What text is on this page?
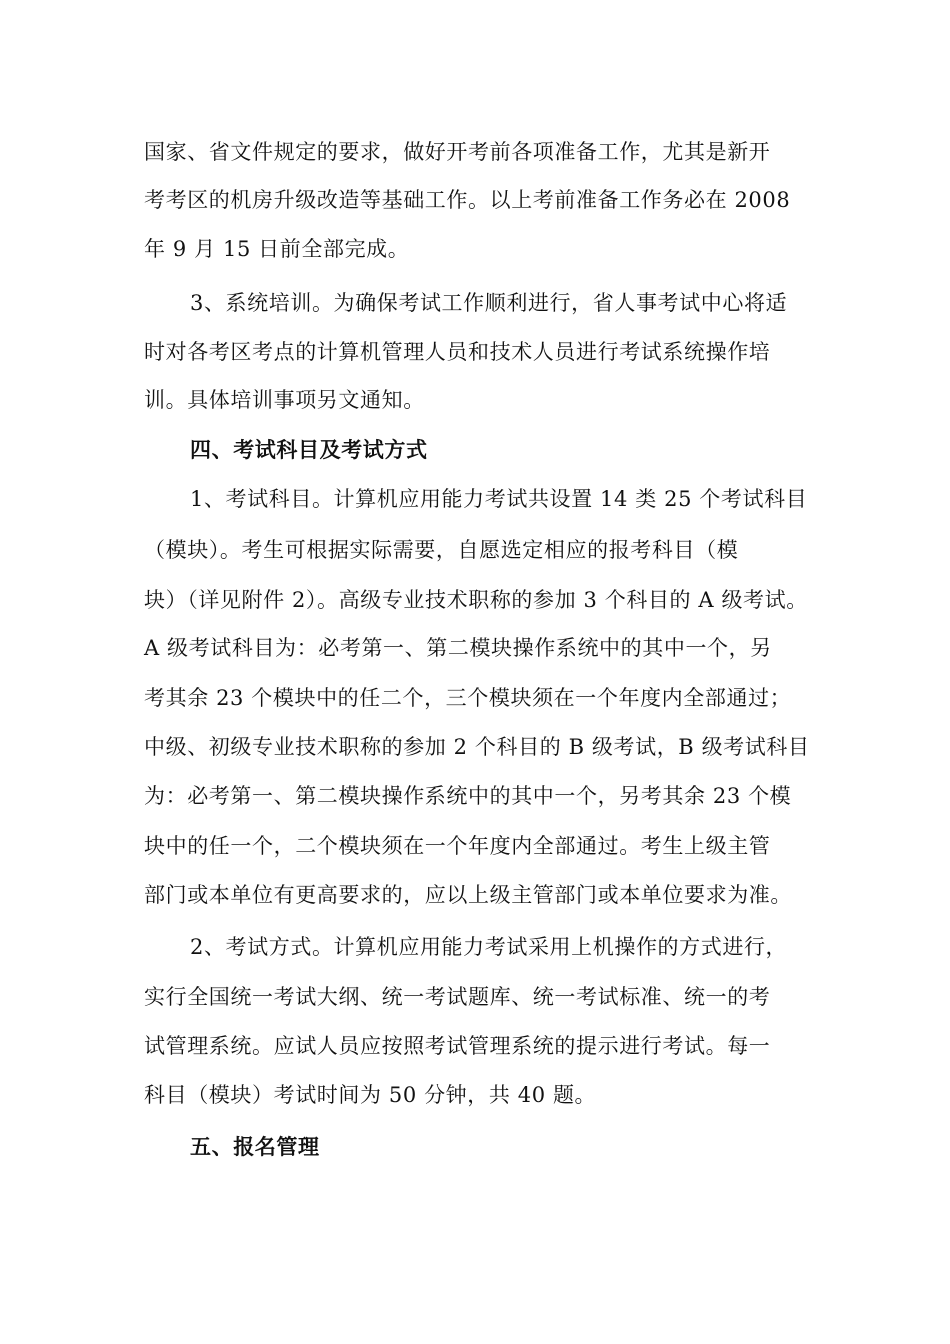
国家、省文件规定的要求，做好开考前各项准备工作，尤其是新开
考考区的机房升级改造等基础工作。以上考前准备工作务必在 2008
年 9 月 15 日前全部完成。
3、系统培训。为确保考试工作顺利进行，省人事考试中心将适
时对各考区考点的计算机管理人员和技术人员进行考试系统操作培
训。具体培训事项另文通知。
四、考试科目及考试方式
1、考试科目。计算机应用能力考试共设置 14 类 25 个考试科目
（模块）。考生可根据实际需要，自愿选定相应的报考科目（模
块）（详见附件 2）。高级专业技术职称的参加 3 个科目的 A 级考试。
A 级考试科目为：必考第一、第二模块操作系统中的其中一个，另
考其余 23 个模块中的任二个，三个模块须在一个年度内全部通过；
中级、初级专业技术职称的参加 2 个科目的 B 级考试，B 级考试科目
为：必考第一、第二模块操作系统中的其中一个，另考其余 23 个模
块中的任一个，二个模块须在一个年度内全部通过。考生上级主管
部门或本单位有更高要求的，应以上级主管部门或本单位要求为准。
2、考试方式。计算机应用能力考试采用上机操作的方式进行，
实行全国统一考试大纲、统一考试题库、统一考试标准、统一的考
试管理系统。应试人员应按照考试管理系统的提示进行考试。每一
科目（模块）考试时间为 50 分钟，共 40 题。
五、报名管理
